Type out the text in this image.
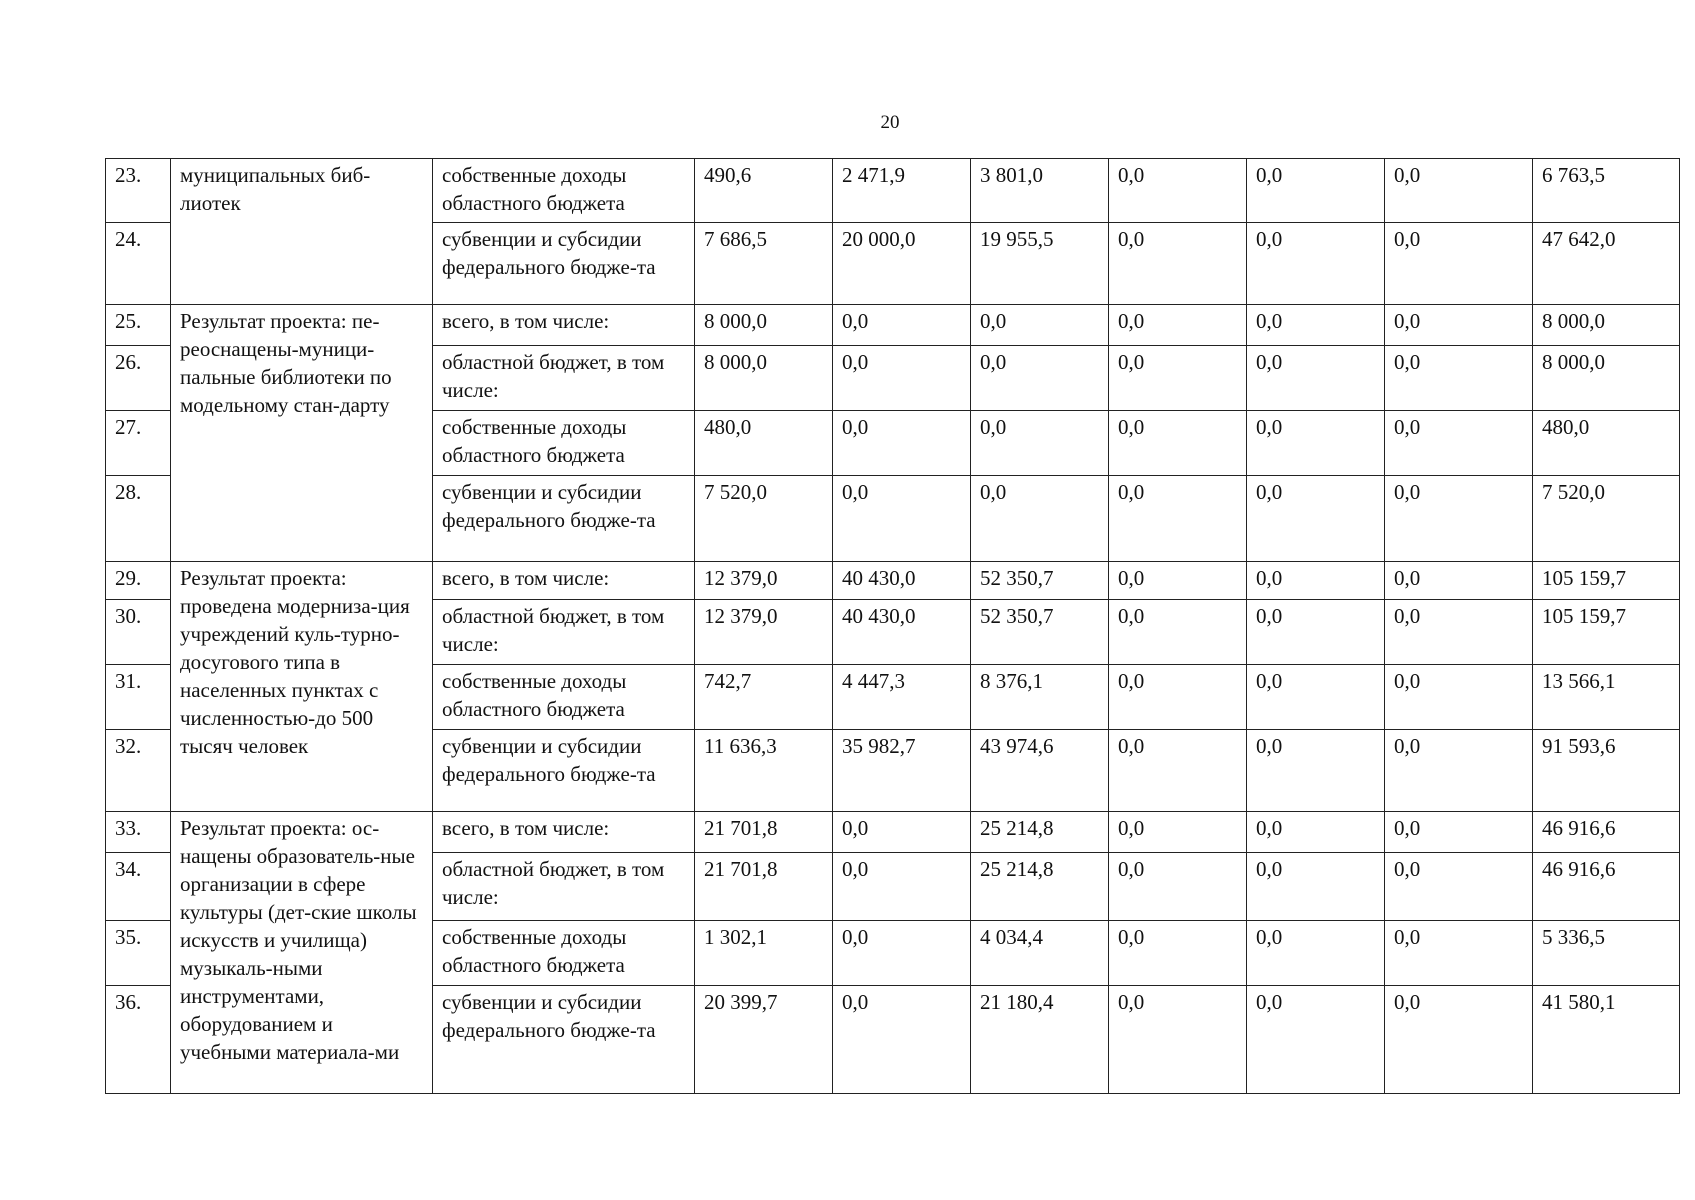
20
23.	муниципальных биб-лиотек	собственные доходы областного бюджета	490,6	2 471,9	3 801,0	0,0	0,0	0,0	6 763,5
24.		субвенции и субсидии федерального бюдже-та	7 686,5	20 000,0	19 955,5	0,0	0,0	0,0	47 642,0
25.	Результат проекта: пе-реоснащены-муници-пальные библиотеки по модельному стан-дарту	всего, в том числе:	8 000,0	0,0	0,0	0,0	0,0	0,0	8 000,0
26.		областной бюджет, в том числе:	8 000,0	0,0	0,0	0,0	0,0	0,0	8 000,0
27.		собственные доходы областного бюджета	480,0	0,0	0,0	0,0	0,0	0,0	480,0
28.		субвенции и субсидии федерального бюдже-та	7 520,0	0,0	0,0	0,0	0,0	0,0	7 520,0
29.	Результат проекта: проведена модерниза-ция учреждений куль-турно-досугового типа в населенных пунктах с численностью-до 500 тысяч человек	всего, в том числе:	12 379,0	40 430,0	52 350,7	0,0	0,0	0,0	105 159,7
30.		областной бюджет, в том числе:	12 379,0	40 430,0	52 350,7	0,0	0,0	0,0	105 159,7
31.		собственные доходы областного бюджета	742,7	4 447,3	8 376,1	0,0	0,0	0,0	13 566,1
32.		субвенции и субсидии федерального бюдже-та	11 636,3	35 982,7	43 974,6	0,0	0,0	0,0	91 593,6
33.	Результат проекта: ос-нащены образователь-ные организации в сфере культуры (дет-ские школы искусств и училища) музыкаль-ными инструментами, оборудованием и учебными материала-ми	всего, в том числе:	21 701,8	0,0	25 214,8	0,0	0,0	0,0	46 916,6
34.		областной бюджет, в том числе:	21 701,8	0,0	25 214,8	0,0	0,0	0,0	46 916,6
35.		собственные доходы областного бюджета	1 302,1	0,0	4 034,4	0,0	0,0	0,0	5 336,5
36.		субвенции и субсидии федерального бюдже-та	20 399,7	0,0	21 180,4	0,0	0,0	0,0	41 580,1
